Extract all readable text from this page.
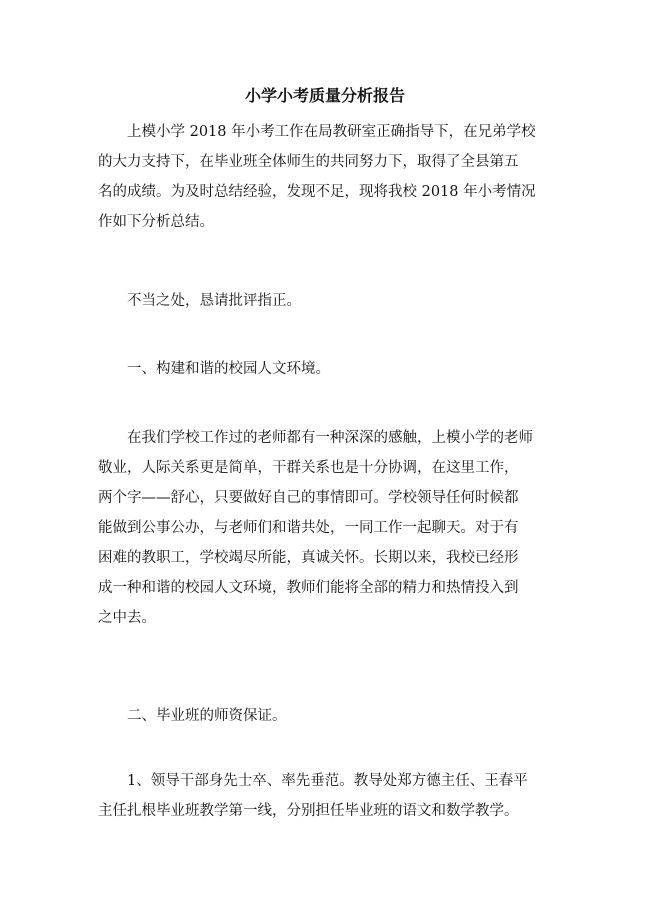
小学小考质量分析报告
上模小学 2018 年小考工作在局教研室正确指导下，在兄弟学校
的大力支持下，在毕业班全体师生的共同努力下，取得了全县第五
名的成绩。为及时总结经验，发现不足，现将我校 2018 年小考情况
作如下分析总结。
不当之处，恳请批评指正。
一、构建和谐的校园人文环境。
在我们学校工作过的老师都有一种深深的感触，上模小学的老师
敬业，人际关系更是简单，干群关系也是十分协调，在这里工作，
两个字——舒心，只要做好自己的事情即可。学校领导任何时候都
能做到公事公办，与老师们和谐共处，一同工作一起聊天。对于有
困难的教职工，学校竭尽所能，真诚关怀。长期以来，我校已经形
成一种和谐的校园人文环境，教师们能将全部的精力和热情投入到
之中去。
二、毕业班的师资保证。
1、领导干部身先士卒、率先垂范。教导处郑方德主任、王春平
主任扎根毕业班教学第一线，分别担任毕业班的语文和数学教学。
